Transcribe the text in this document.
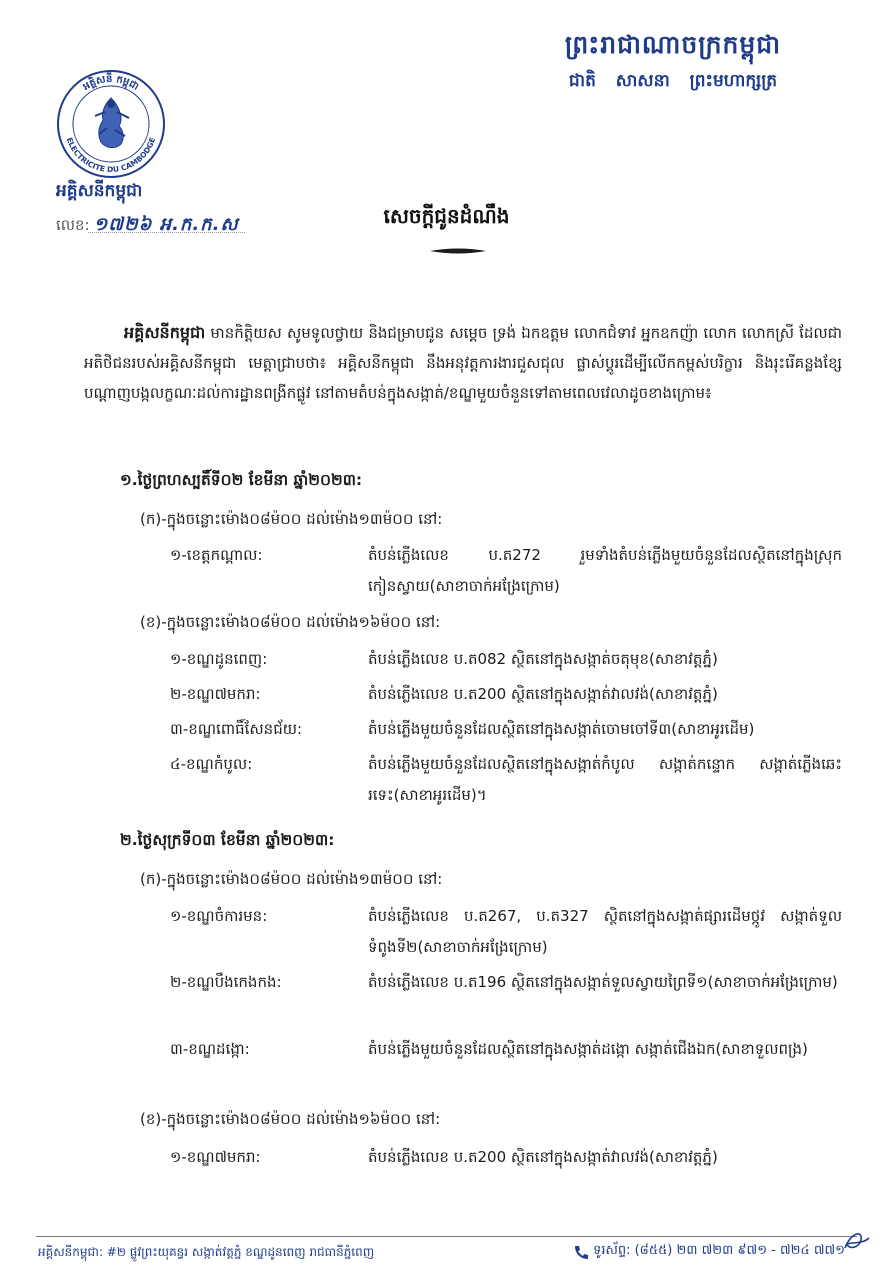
ព្រះរាជាណាចក្រកម្ពុជា
ជាតិ សាសនា ព្រះមហាក្សត្រ
អគ្គិសនី កម្ពុជា
ELECTRICITE DU CAMBODGE
អគ្គិសនីកម្ពុជា
លេខ: ១៧២៦ អ.ក.ក.ស	សេចក្តីជូនដំណឹង
អគ្គិសនីកម្ពុជា មានកិត្តិយស សូមទូលថ្វាយ និងជម្រាបជូន សម្តេច ទ្រង់ ឯកឧត្តម លោកជំទាវ អ្នកឧកញ៉ា លោក លោកស្រី ដែលជាអតិថិជនរបស់អគ្គិសនីកម្ពុជា មេត្តាជ្រាបថា៖ អគ្គិសនីកម្ពុជា នឹងអនុវត្តការងារជួសជុល ផ្លាស់ប្តូរដើម្បីលើកកម្ពស់បរិក្ខារ និងរុះរើគន្លងខ្សែបណ្តាញបង្កលក្ខណៈដល់ការដ្ឋានពង្រីកផ្លូវ នៅតាមតំបន់ក្នុងសង្កាត់/ខណ្ឌមួយចំនួនទៅតាមពេលវេលាដូចខាងក្រោម៖
១.ថ្ងៃព្រហស្បតិ៍ទី០២ ខែមីនា ឆ្នាំ២០២៣:
(ក)-ក្នុងចន្លោះម៉ោង០៨ម៉០០ ដល់ម៉ោង១៣ម៉០០ នៅ:
១-ខេត្តកណ្តាល:	តំបន់ភ្លើងលេខ ប.ត272 រួមទាំងតំបន់ភ្លើងមួយចំនួនដែលស្ថិតនៅក្នុងស្រុកកៀនស្វាយ(សាខាចាក់អង្រែក្រោម)
(ខ)-ក្នុងចន្លោះម៉ោង០៨ម៉០០ ដល់ម៉ោង១៦ម៉០០ នៅ:
១-ខណ្ឌដូនពេញ:	តំបន់ភ្លើងលេខ ប.ត082 ស្ថិតនៅក្នុងសង្កាត់ចតុមុខ(សាខាវត្តភ្នំ)
២-ខណ្ឌ៧មករា:	តំបន់ភ្លើងលេខ ប.ត200 ស្ថិតនៅក្នុងសង្កាត់វាលវង់(សាខាវត្តភ្នំ)
៣-ខណ្ឌពោធិ៍សែនជ័យ:	តំបន់ភ្លើងមួយចំនួនដែលស្ថិតនៅក្នុងសង្កាត់ចោមចៅទី៣(សាខាអូរដើម)
៤-ខណ្ឌកំបូល:	តំបន់ភ្លើងមួយចំនួនដែលស្ថិតនៅក្នុងសង្កាត់កំបូល សង្កាត់កន្ទោក សង្កាត់ភ្លើងឆេះរទេះ(សាខាអូរដើម)។
២.ថ្ងៃសុក្រទី០៣ ខែមីនា ឆ្នាំ២០២៣:
(ក)-ក្នុងចន្លោះម៉ោង០៨ម៉០០ ដល់ម៉ោង១៣ម៉០០ នៅ:
១-ខណ្ឌចំការមន:	តំបន់ភ្លើងលេខ ប.ត267, ប.ត327 ស្ថិតនៅក្នុងសង្កាត់ផ្សារដើមថ្កូវ សង្កាត់ទួលទំពូងទី២(សាខាចាក់អង្រែក្រោម)
២-ខណ្ឌបឹងកេងកង:	តំបន់ភ្លើងលេខ ប.ត196 ស្ថិតនៅក្នុងសង្កាត់ទួលស្វាយព្រៃទី១(សាខាចាក់អង្រែក្រោម)
៣-ខណ្ឌដង្កោ:	តំបន់ភ្លើងមួយចំនួនដែលស្ថិតនៅក្នុងសង្កាត់ដង្កោ សង្កាត់ជើងឯក(សាខាទួលពង្រ)
(ខ)-ក្នុងចន្លោះម៉ោង០៨ម៉០០ ដល់ម៉ោង១៦ម៉០០ នៅ:
១-ខណ្ឌ៧មករា:	តំបន់ភ្លើងលេខ ប.ត200 ស្ថិតនៅក្នុងសង្កាត់វាលវង់(សាខាវត្តភ្នំ)
អគ្គិសនីកម្ពុជា: #២ ផ្លូវព្រះយុគន្ធរ សង្កាត់វត្តភ្នំ ខណ្ឌដូនពេញ រាជធានីភ្នំពេញ	ទូរស័ព្ទ: (៨៥៥) ២៣ ៧២៣ ៩៧១ - ៧២៤ ៧៧១
